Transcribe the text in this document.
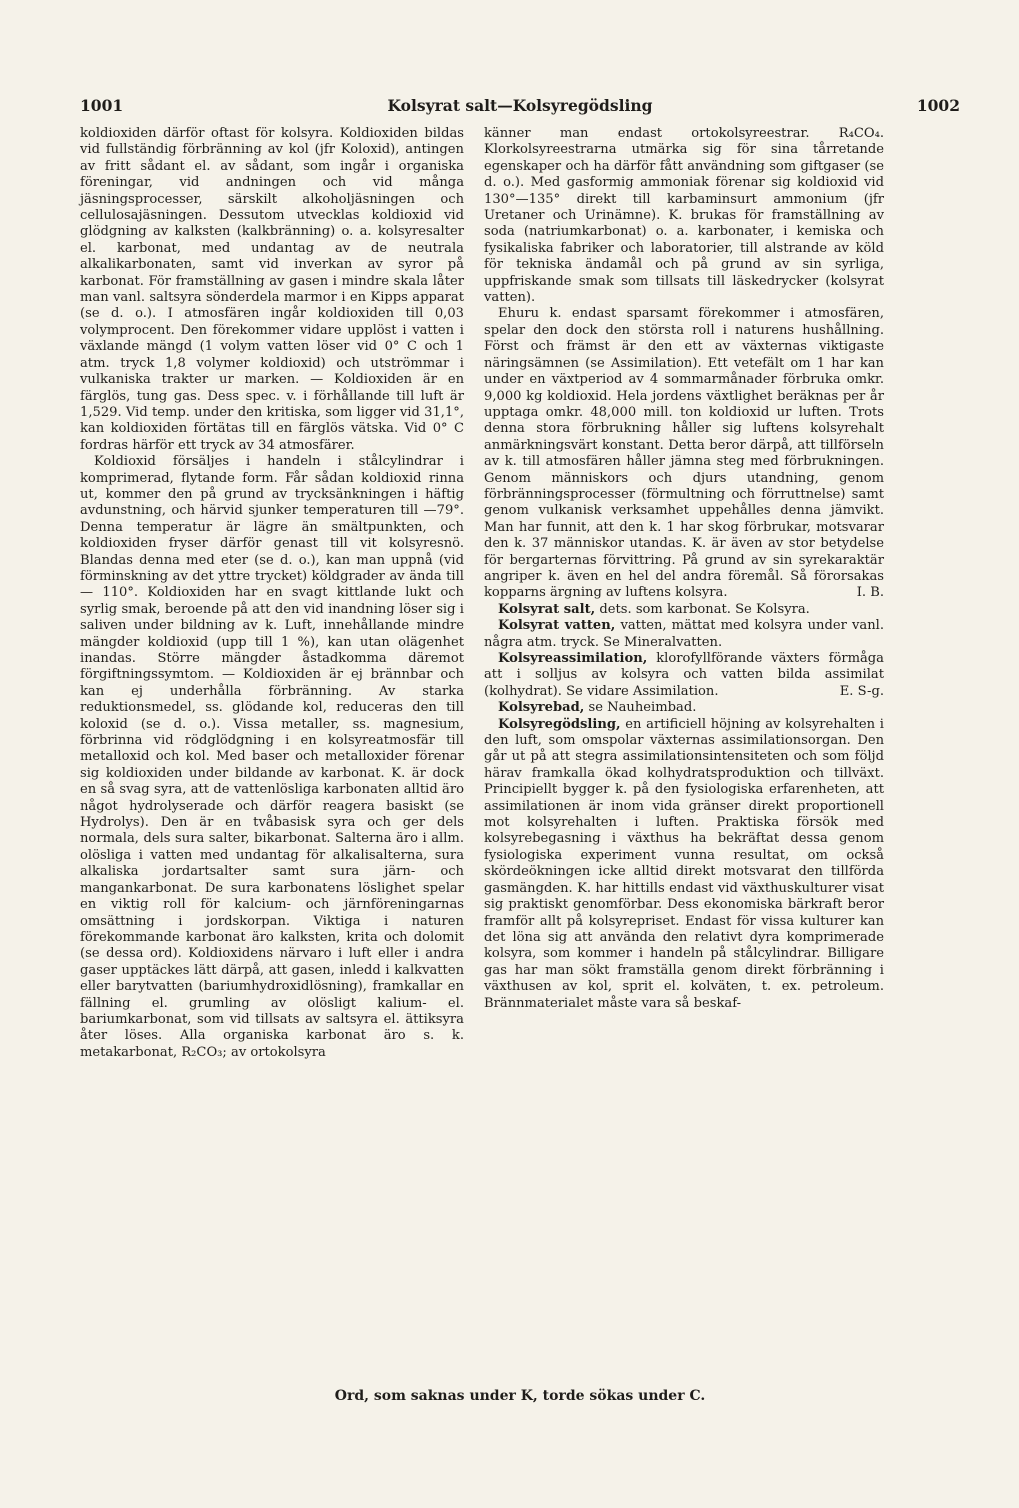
1001	Kolsyrat salt—Kolsyregödsling	1002

koldioxiden därför oftast för kolsyra. Koldioxiden bildas vid fullständig förbränning av kol (jfr Koloxid), antingen av fritt sådant el. av sådant, som ingår i organiska föreningar, vid andningen och vid många jäsningsprocesser, särskilt alkoholjäsningen och cellulosajäsningen. Dessutom utvecklas koldioxid vid glödgning av kalksten (kalkbränning) o. a. kolsyresalter el. karbonat, med undantag av de neutrala alkalikarbonaten, samt vid inverkan av syror på karbonat. För framställning av gasen i mindre skala låter man vanl. saltsyra sönderdela marmor i en Kipps apparat (se d. o.). I atmosfären ingår koldioxiden till 0,03 volymprocent. Den förekommer vidare upplöst i vatten i växlande mängd (1 volym vatten löser vid 0° C och 1 atm. tryck 1,8 volymer koldioxid) och utströmmar i vulkaniska trakter ur marken. — Koldioxiden är en färglös, tung gas. Dess spec. v. i förhållande till luft är 1,529. Vid temp. under den kritiska, som ligger vid 31,1°, kan koldioxiden förtätas till en färglös vätska. Vid 0° C fordras härför ett tryck av 34 atmosfärer.

Koldioxid försäljes i handeln i stålcylindrar i komprimerad, flytande form. Får sådan koldioxid rinna ut, kommer den på grund av trycksänkningen i häftig avdunstning, och härvid sjunker temperaturen till —79°. Denna temperatur är lägre än smältpunkten, och koldioxiden fryser därför genast till vit kolsyresnö. Blandas denna med eter (se d. o.), kan man uppnå (vid förminskning av det yttre trycket) köldgrader av ända till — 110°. Koldioxiden har en svagt kittlande lukt och syrlig smak, beroende på att den vid inandning löser sig i saliven under bildning av k. Luft, innehållande mindre mängder koldioxid (upp till 1 %), kan utan olägenhet inandas. Större mängder åstadkomma däremot förgiftningssymtom. — Koldioxiden är ej brännbar och kan ej underhålla förbränning. Av starka reduktionsmedel, ss. glödande kol, reduceras den till koloxid (se d. o.). Vissa metaller, ss. magnesium, förbrinna vid rödglödgning i en kolsyreatmosfär till metalloxid och kol. Med baser och metalloxider förenar sig koldioxiden under bildande av karbonat. K. är dock en så svag syra, att de vattenlösliga karbonaten alltid äro något hydrolyserade och därför reagera basiskt (se Hydrolys). Den är en tvåbasisk syra och ger dels normala, dels sura salter, bikarbonat. Salterna äro i allm. olösliga i vatten med undantag för alkalisalterna, sura alkaliska jordartsalter samt sura järn- och mangankarbonat. De sura karbonatens löslighet spelar en viktig roll för kalcium- och järnföreningarnas omsättning i jordskorpan. Viktiga i naturen förekommande karbonat äro kalksten, krita och dolomit (se dessa ord). Koldioxidens närvaro i luft eller i andra gaser upptäckes lätt därpå, att gasen, inledd i kalkvatten eller barytvatten (bariumhydroxidlösning), framkallar en fällning el. grumling av olösligt kalium- el. bariumkarbonat, som vid tillsats av saltsyra el. ättiksyra åter löses. Alla organiska karbonat äro s. k. metakarbonat, R₂CO₃; av ortokolsyra

känner man endast ortokolsyreestrar. R₄CO₄. Klorkolsyreestrarna utmärka sig för sina tårretande egenskaper och ha därför fått användning som giftgaser (se d. o.). Med gasformig ammoniak förenar sig koldioxid vid 130°—135° direkt till karbaminsurt ammonium (jfr Uretaner och Urinämne). K. brukas för framställning av soda (natriumkarbonat) o. a. karbonater, i kemiska och fysikaliska fabriker och laboratorier, till alstrande av köld för tekniska ändamål och på grund av sin syrliga, uppfriskande smak som tillsats till läskedrycker (kolsyrat vatten).

Ehuru k. endast sparsamt förekommer i atmosfären, spelar den dock den största roll i naturens hushållning. Först och främst är den ett av växternas viktigaste näringsämnen (se Assimilation). Ett vetefält om 1 har kan under en växtperiod av 4 sommarmånader förbruka omkr. 9,000 kg koldioxid. Hela jordens växtlighet beräknas per år upptaga omkr. 48,000 mill. ton koldioxid ur luften. Trots denna stora förbrukning håller sig luftens kolsyrehalt anmärkningsvärt konstant. Detta beror därpå, att tillförseln av k. till atmosfären håller jämna steg med förbrukningen. Genom människors och djurs utandning, genom förbränningsprocesser (förmultning och förruttnelse) samt genom vulkanisk verksamhet uppehålles denna jämvikt. Man har funnit, att den k. 1 har skog förbrukar, motsvarar den k. 37 människor utandas. K. är även av stor betydelse för bergarternas förvittring. På grund av sin syrekaraktär angriper k. även en hel del andra föremål. Så förorsakas kopparns ärgning av luftens kolsyra.	I. B.

Kolsyrat salt, dets. som karbonat. Se Kolsyra.

Kolsyrat vatten, vatten, mättat med kolsyra under vanl. några atm. tryck. Se Mineralvatten.

Kolsyreassimilation, klorofyllförande växters förmåga att i solljus av kolsyra och vatten bilda assimilat (kolhydrat). Se vidare Assimilation.	E. S-g.

Kolsyrebad, se Nauheimbad.

Kolsyregödsling, en artificiell höjning av kolsyrehalten i den luft, som omspolar växternas assimilationsorgan. Den går ut på att stegra assimilationsintensiteten och som följd härav framkalla ökad kolhydratsproduktion och tillväxt. Principiellt bygger k. på den fysiologiska erfarenheten, att assimilationen är inom vida gränser direkt proportionell mot kolsyrehalten i luften. Praktiska försök med kolsyrebegasning i växthus ha bekräftat dessa genom fysiologiska experiment vunna resultat, om också skördeökningen icke alltid direkt motsvarat den tillförda gasmängden. K. har hittills endast vid växthuskulturer visat sig praktiskt genomförbar. Dess ekonomiska bärkraft beror framför allt på kolsyrepriset. Endast för vissa kulturer kan det löna sig att använda den relativt dyra komprimerade kolsyra, som kommer i handeln på stålcylindrar. Billigare gas har man sökt framställa genom direkt förbränning i växthusen av kol, sprit el. kolväten, t. ex. petroleum. Brännmaterialet måste vara så beskaf-

Ord, som saknas under K, torde sökas under C.
